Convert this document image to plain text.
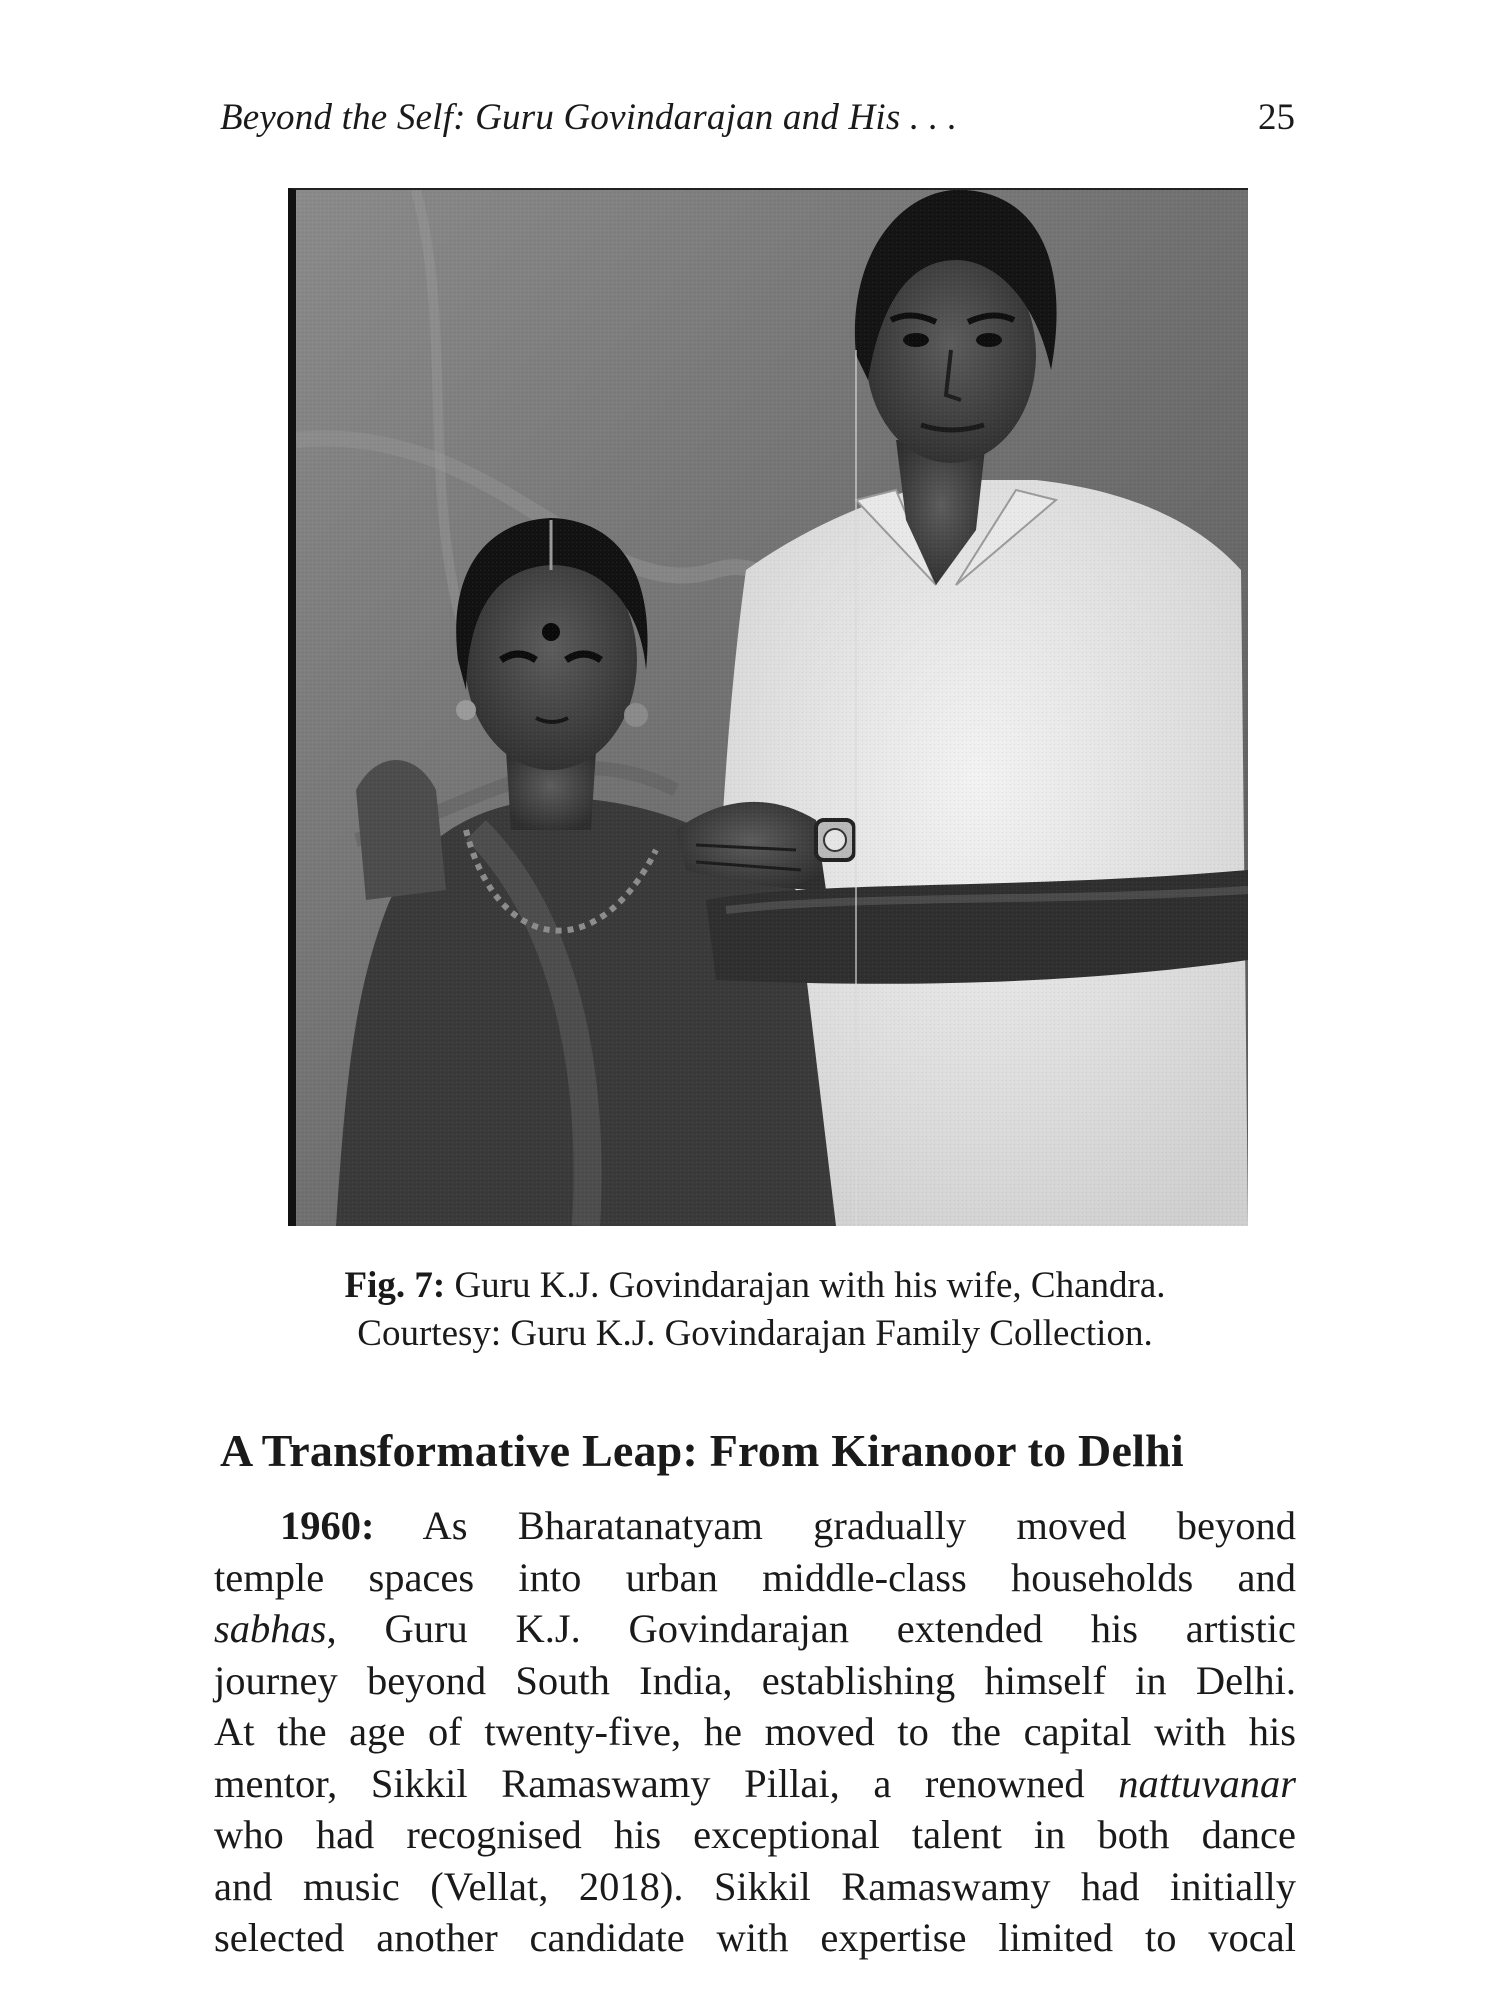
Beyond the Self: Guru Govindarajan and His . . .	25
Fig. 7: Guru K.J. Govindarajan with his wife, Chandra.
Courtesy: Guru K.J. Govindarajan Family Collection.
A Transformative Leap: From Kiranoor to Delhi
1960: As Bharatanatyam gradually moved beyond
temple spaces into urban middle-class households and
sabhas, Guru K.J. Govindarajan extended his artistic
journey beyond South India, establishing himself in Delhi.
At the age of twenty-five, he moved to the capital with his
mentor, Sikkil Ramaswamy Pillai, a renowned nattuvanar
who had recognised his exceptional talent in both dance
and music (Vellat, 2018). Sikkil Ramaswamy had initially
selected another candidate with expertise limited to vocal
